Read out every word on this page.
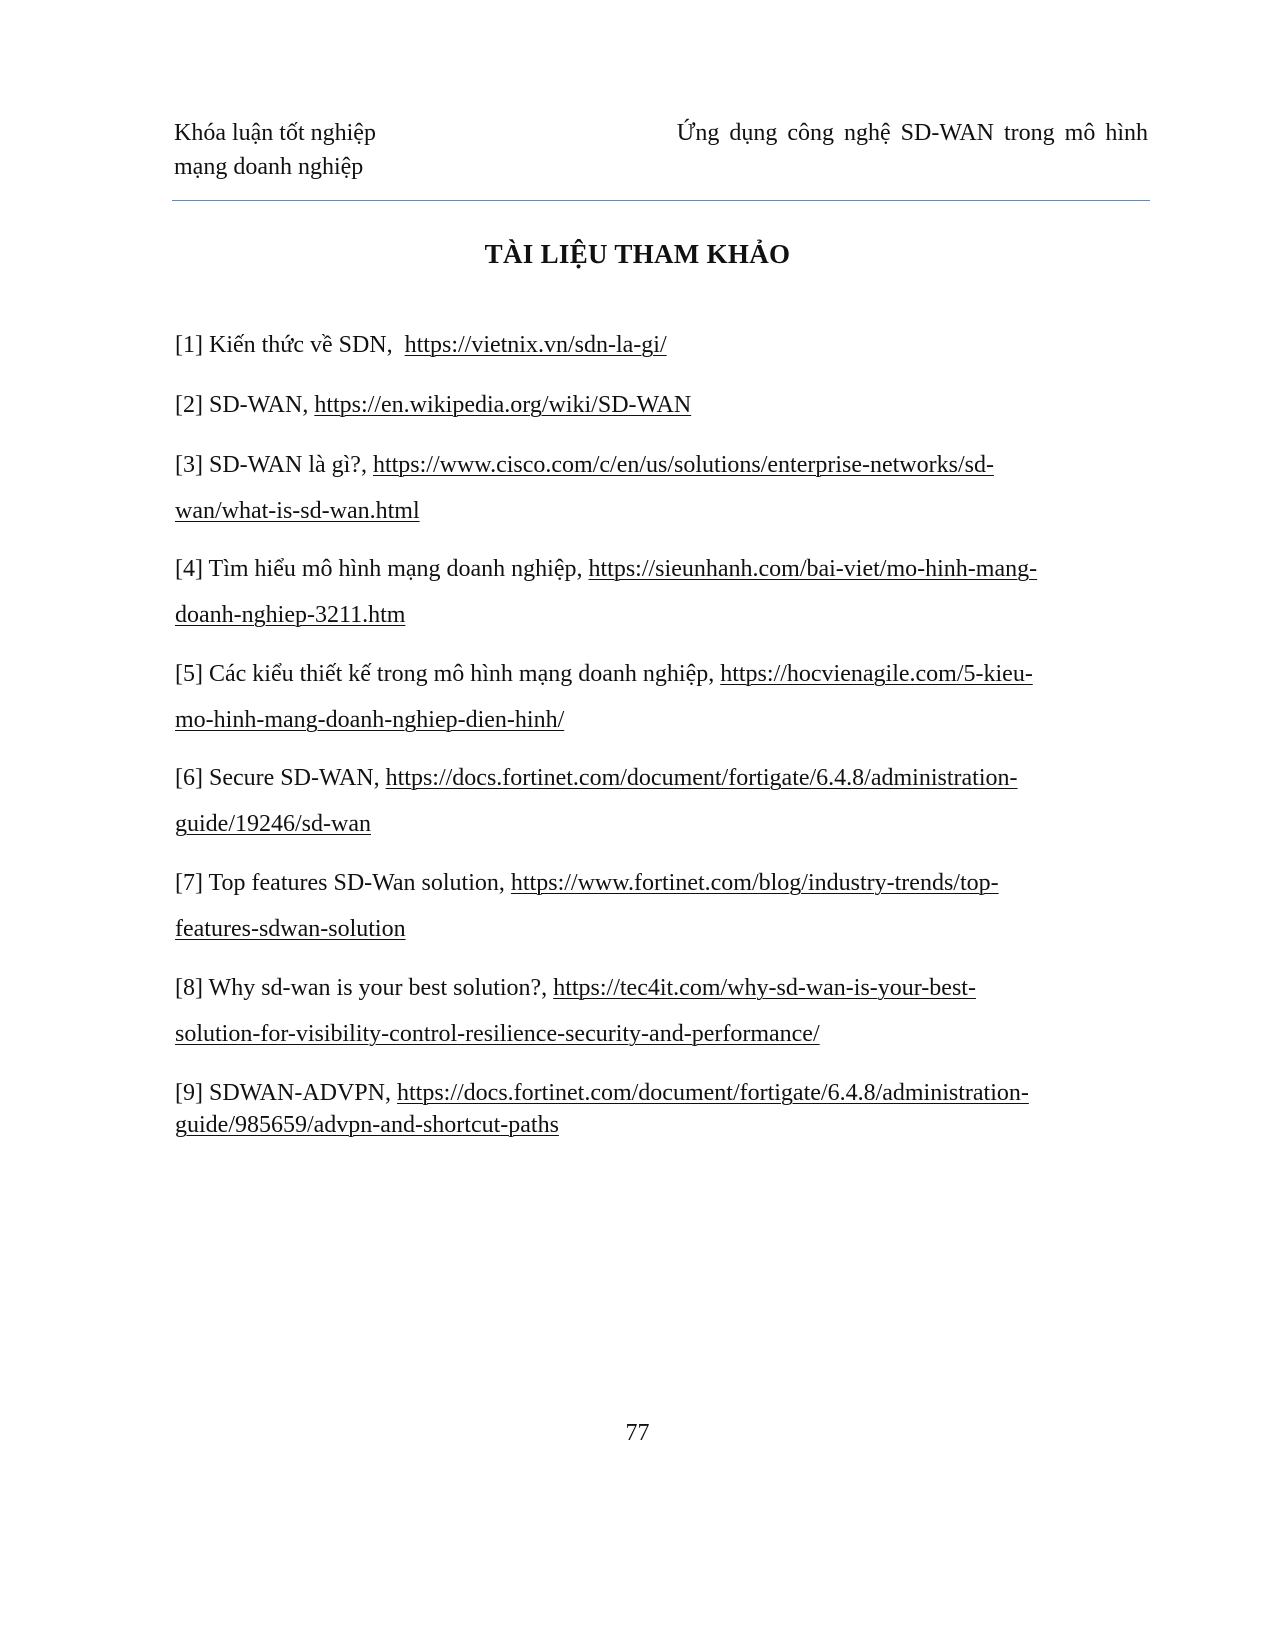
Khóa luận tốt nghiệp	Ứng dụng công nghệ SD-WAN trong mô hình
mạng doanh nghiệp
TÀI LIỆU THAM KHẢO
[1] Kiến thức về SDN, https://vietnix.vn/sdn-la-gi/
[2] SD-WAN, https://en.wikipedia.org/wiki/SD-WAN
[3] SD-WAN là gì?, https://www.cisco.com/c/en/us/solutions/enterprise-networks/sd-
wan/what-is-sd-wan.html
[4] Tìm hiểu mô hình mạng doanh nghiệp, https://sieunhanh.com/bai-viet/mo-hinh-mang-
doanh-nghiep-3211.htm
[5] Các kiểu thiết kế trong mô hình mạng doanh nghiệp, https://hocvienagile.com/5-kieu-
mo-hinh-mang-doanh-nghiep-dien-hinh/
[6] Secure SD-WAN, https://docs.fortinet.com/document/fortigate/6.4.8/administration-
guide/19246/sd-wan
[7] Top features SD-Wan solution, https://www.fortinet.com/blog/industry-trends/top-
features-sdwan-solution
[8] Why sd-wan is your best solution?, https://tec4it.com/why-sd-wan-is-your-best-
solution-for-visibility-control-resilience-security-and-performance/
[9] SDWAN-ADVPN, https://docs.fortinet.com/document/fortigate/6.4.8/administration-
guide/985659/advpn-and-shortcut-paths
77
